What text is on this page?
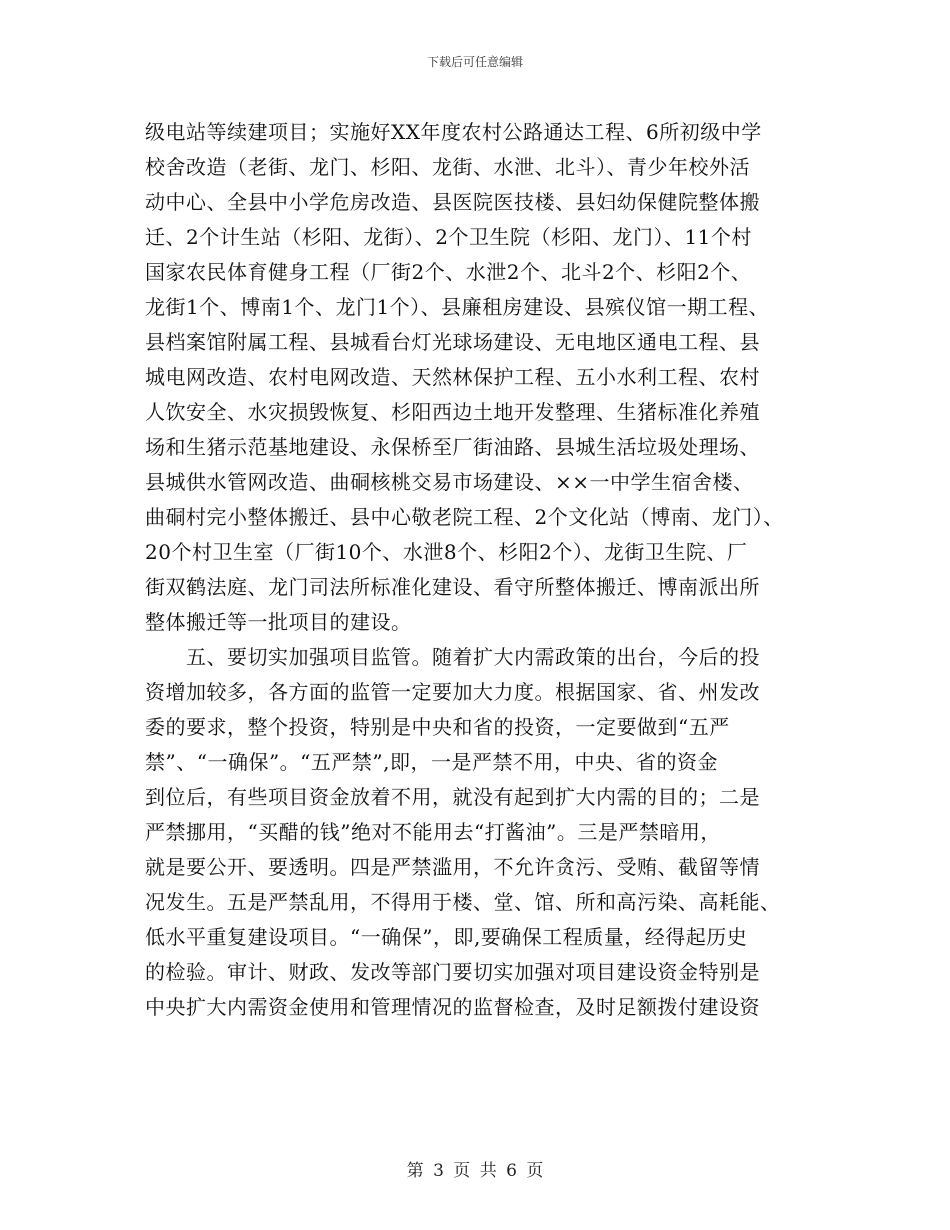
下载后可任意编辑
级电站等续建项目；实施好XX年度农村公路通达工程、6所初级中学
校舍改造（老街、龙门、杉阳、龙街、水泄、北斗）、青少年校外活
动中心、全县中小学危房改造、县医院医技楼、县妇幼保健院整体搬
迁、2个计生站（杉阳、龙街）、2个卫生院（杉阳、龙门）、11个村
国家农民体育健身工程（厂街2个、水泄2个、北斗2个、杉阳2个、
龙街1个、博南1个、龙门1个）、县廉租房建设、县殡仪馆一期工程、
县档案馆附属工程、县城看台灯光球场建设、无电地区通电工程、县
城电网改造、农村电网改造、天然林保护工程、五小水利工程、农村
人饮安全、水灾损毁恢复、杉阳西边土地开发整理、生猪标准化养殖
场和生猪示范基地建设、永保桥至厂街油路、县城生活垃圾处理场、
县城供水管网改造、曲硐核桃交易市场建设、××一中学生宿舍楼、
曲硐村完小整体搬迁、县中心敬老院工程、2个文化站（博南、龙门）、
20个村卫生室（厂街10个、水泄8个、杉阳2个）、龙街卫生院、厂
街双鹤法庭、龙门司法所标准化建设、看守所整体搬迁、博南派出所
整体搬迁等一批项目的建设。
　　五、要切实加强项目监管。随着扩大内需政策的出台，今后的投
资增加较多，各方面的监管一定要加大力度。根据国家、省、州发改
委的要求，整个投资，特别是中央和省的投资，一定要做到“五严
禁”、“一确保”。“五严禁”,即，一是严禁不用，中央、省的资金
到位后，有些项目资金放着不用，就没有起到扩大内需的目的；二是
严禁挪用，“买醋的钱”绝对不能用去“打酱油”。三是严禁暗用，
就是要公开、要透明。四是严禁滥用，不允许贪污、受贿、截留等情
况发生。五是严禁乱用，不得用于楼、堂、馆、所和高污染、高耗能、
低水平重复建设项目。“一确保”，即,要确保工程质量，经得起历史
的检验。审计、财政、发改等部门要切实加强对项目建设资金特别是
中央扩大内需资金使用和管理情况的监督检查，及时足额拨付建设资
第 3 页 共 6 页
